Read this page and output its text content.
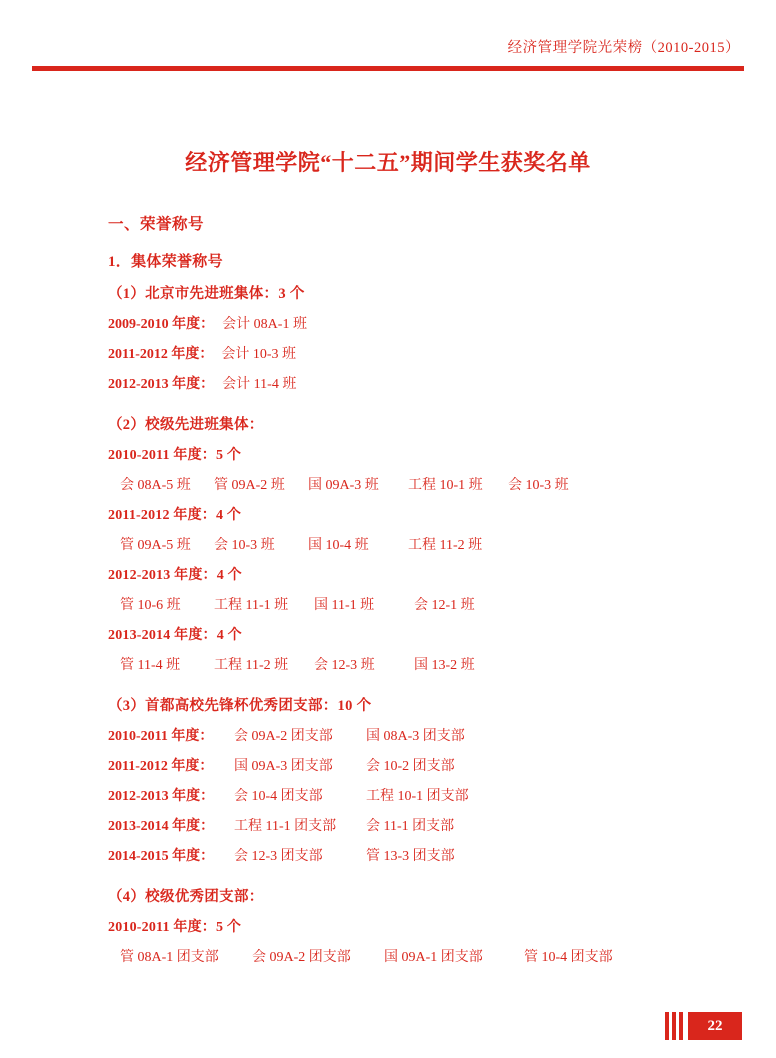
经济管理学院光荣榜（2010-2015）
经济管理学院“十二五”期间学生获奖名单
一、荣誉称号
1．集体荣誉称号
（1）北京市先进班集体：3 个
2009-2010 年度： 会计 08A-1 班
2011-2012 年度： 会计 10-3 班
2012-2013 年度： 会计 11-4 班
（2）校级先进班集体：
2010-2011 年度：5 个
会 08A-5 班 管 09A-2 班 国 09A-3 班 工程 10-1 班 会 10-3 班
2011-2012 年度：4 个
管 09A-5 班 会 10-3 班 国 10-4 班	工程 11-2 班
2012-2013 年度：4 个
管 10-6 班 工程 11-1 班 国 11-1 班	会 12-1 班
2013-2014 年度：4 个
管 11-4 班 工程 11-2 班 会 12-3 班	国 13-2 班
（3）首都高校先锋杯优秀团支部：10 个
2010-2011 年度： 会 09A-2 团支部 国 08A-3 团支部
2011-2012 年度： 国 09A-3 团支部 会 10-2 团支部
2012-2013 年度： 会 10-4 团支部	工程 10-1 团支部
2013-2014 年度： 工程 11-1 团支部 会 11-1 团支部
2014-2015 年度： 会 12-3 团支部	管 13-3 团支部
（4）校级优秀团支部：
2010-2011 年度：5 个
管 08A-1 团支部 会 09A-2 团支部 国 09A-1 团支部	管 10-4 团支部
22
